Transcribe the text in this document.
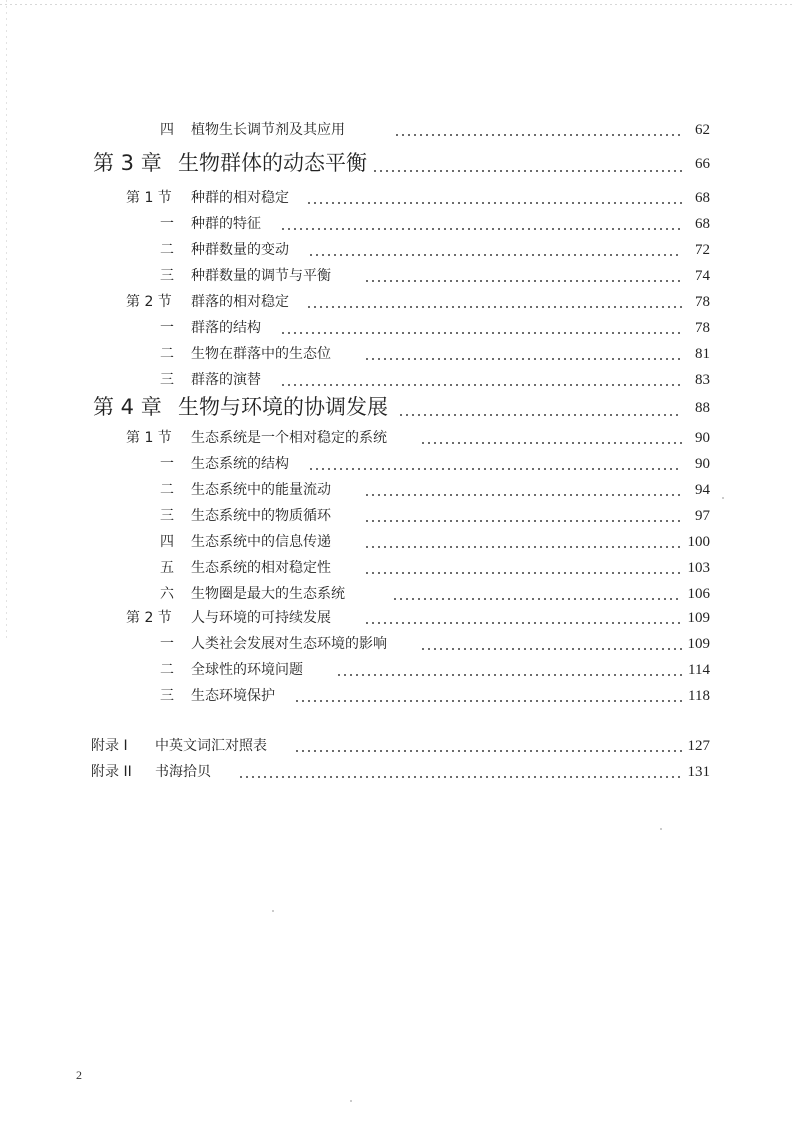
四 植物生长调节剂及其应用	62
第 3 章 生物群体的动态平衡	66
第 1 节 种群的相对稳定	68
一 种群的特征	68
二 种群数量的变动	72
三 种群数量的调节与平衡	74
第 2 节 群落的相对稳定	78
一 群落的结构	78
二 生物在群落中的生态位	81
三 群落的演替	83
第 4 章 生物与环境的协调发展	88
第 1 节 生态系统是一个相对稳定的系统	90
一 生态系统的结构	90
二 生态系统中的能量流动	94
三 生态系统中的物质循环	97
四 生态系统中的信息传递	100
五 生态系统的相对稳定性	103
六 生物圈是最大的生态系统	106
第 2 节 人与环境的可持续发展	109
一 人类社会发展对生态环境的影响	109
二 全球性的环境问题	114
三 生态环境保护	118
附录 I 中英文词汇对照表	127
附录 II 书海拾贝	131
2
